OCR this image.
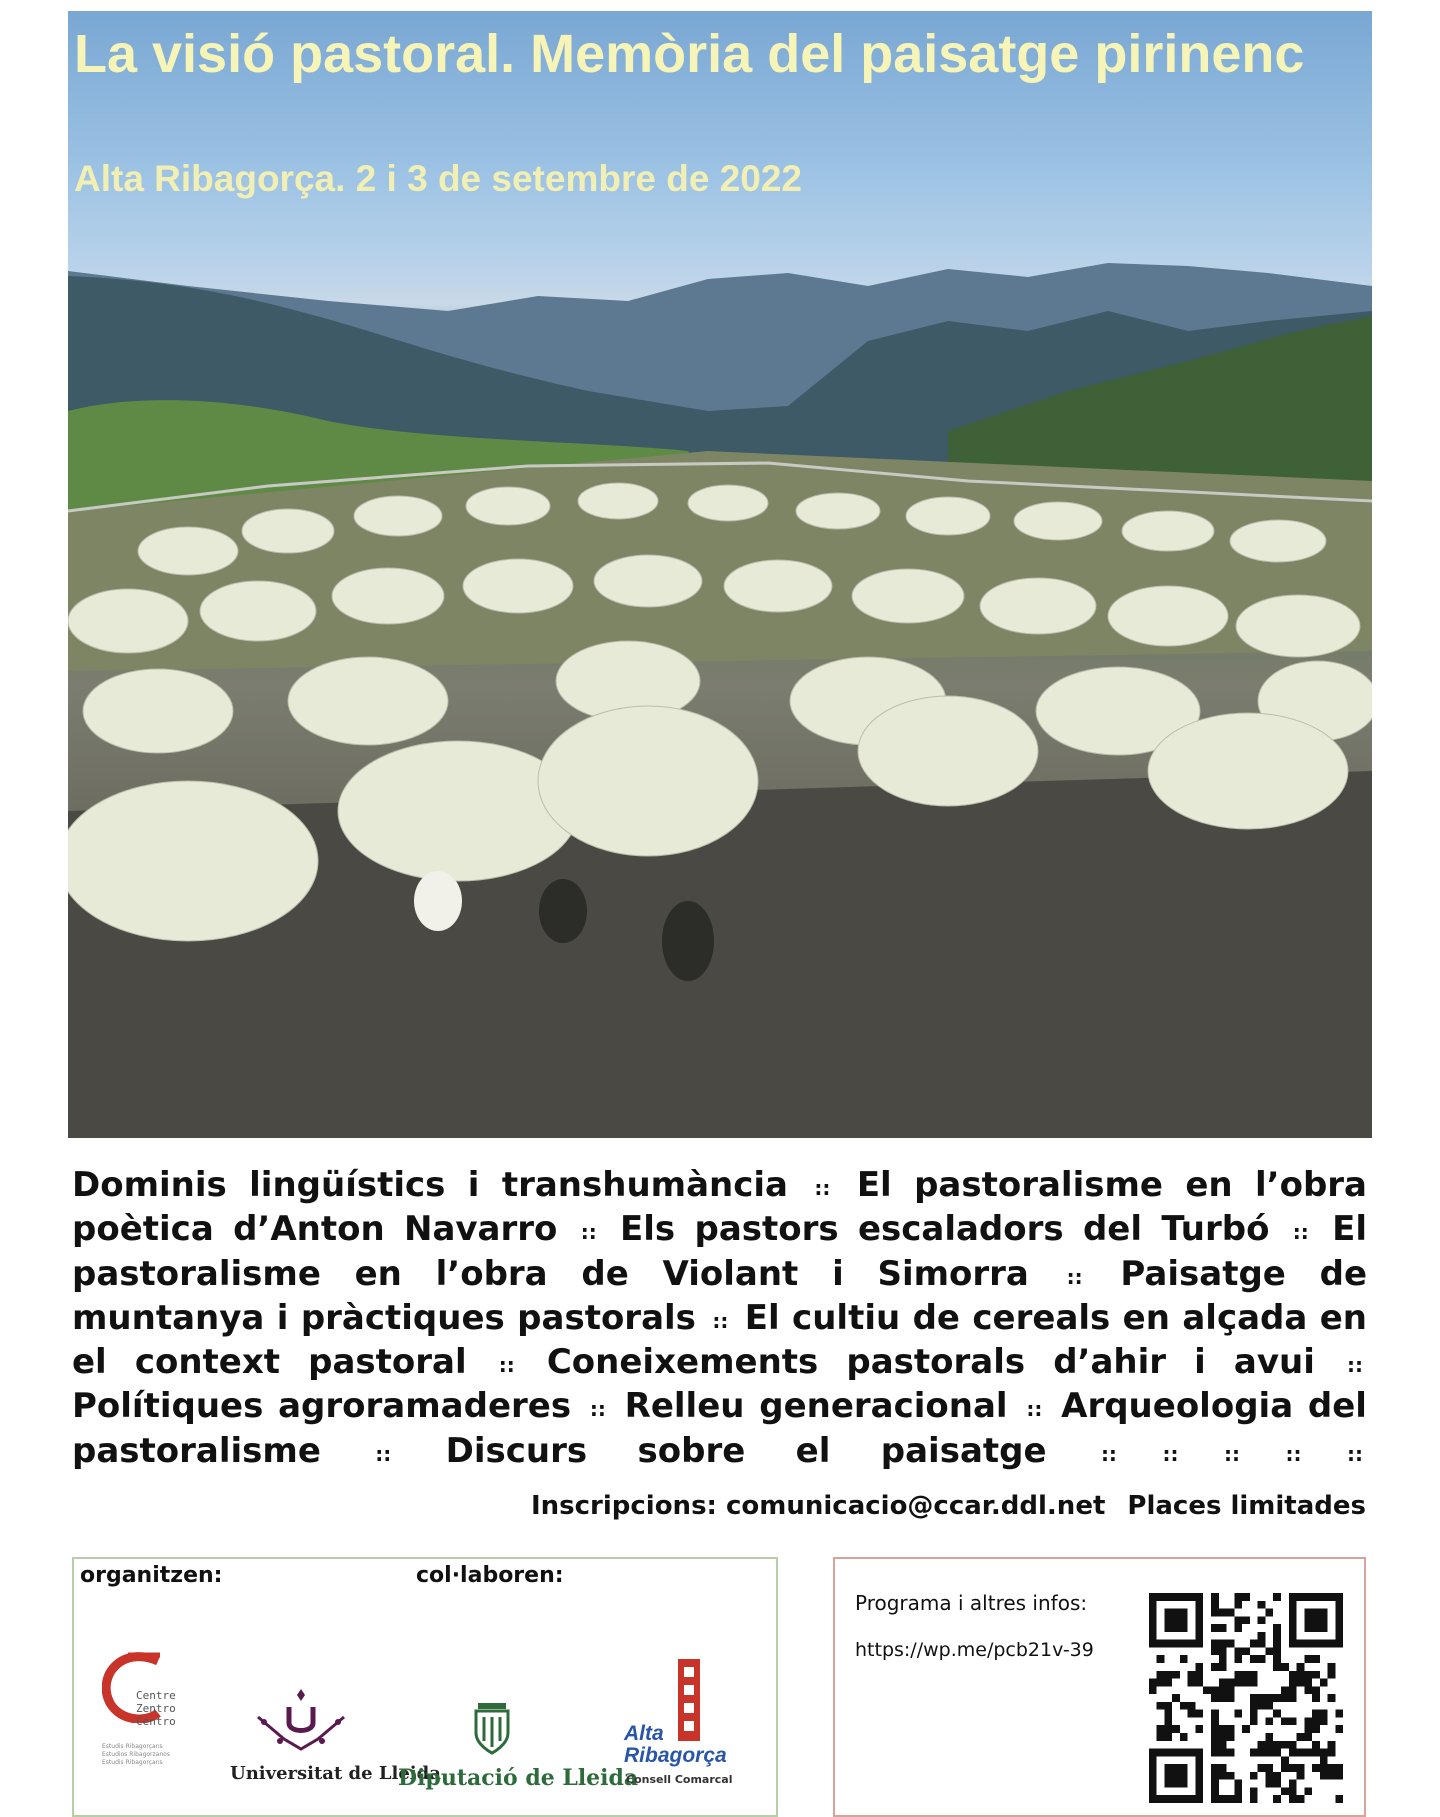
La visió pastoral. Memòria del paisatge pirinenc

Alta Ribagorça. 2 i 3 de setembre de 2022

Dominis lingüístics i transhumància :: El pastoralisme en l’obra poètica d’Anton Navarro :: Els pastors escaladors del Turbó :: El pastoralisme en l’obra de Violant i Simorra :: Paisatge de muntanya i pràctiques pastorals :: El cultiu de cereals en alçada en el context pastoral :: Coneixements pastorals d’ahir i avui :: Polítiques agroramaderes :: Relleu generacional :: Arqueologia del pastoralisme	:: Discurs sobre el paisatge	:: :: :: :: ::

Inscripcions: comunicacio@ccar.ddl.net Places limitades
organitzen:	col·laboren:
Centre
Zentro
Centro
Estudis Ribagorçans
Estudios Ribagorzanos
Estudis Ribagorçans
Universitat de Lleida
Diputació de Lleida
Alta
Ribagorça
Consell Comarcal
Programa i altres infos:
https://wp.me/pcb21v-39
